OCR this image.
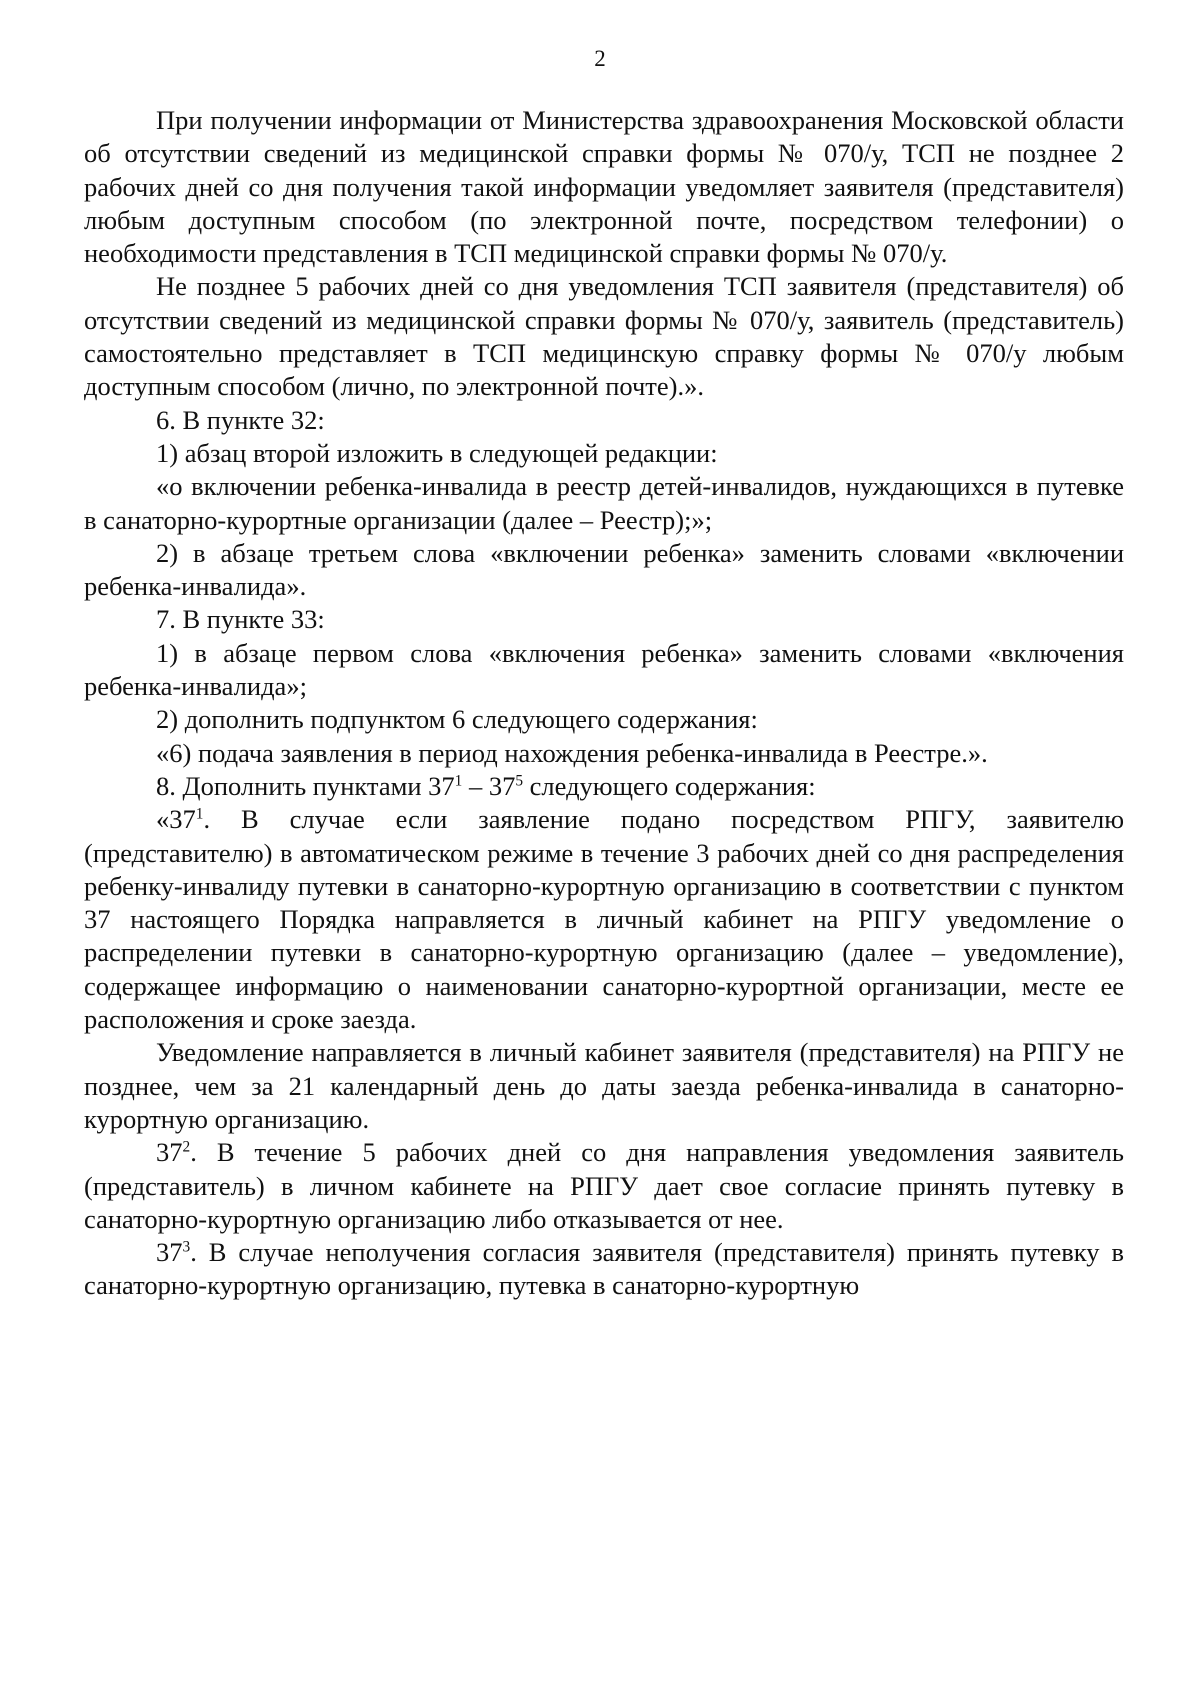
2

При получении информации от Министерства здравоохранения Московской области об отсутствии сведений из медицинской справки формы № 070/у, ТСП не позднее 2 рабочих дней со дня получения такой информации уведомляет заявителя (представителя) любым доступным способом (по электронной почте, посредством телефонии) о необходимости представления в ТСП медицинской справки формы № 070/у.

Не позднее 5 рабочих дней со дня уведомления ТСП заявителя (представителя) об отсутствии сведений из медицинской справки формы № 070/у, заявитель (представитель) самостоятельно представляет в ТСП медицинскую справку формы № 070/у любым доступным способом (лично, по электронной почте).».

6. В пункте 32:

1) абзац второй изложить в следующей редакции:

«о включении ребенка-инвалида в реестр детей-инвалидов, нуждающихся в путевке в санаторно-курортные организации (далее – Реестр);»;

2) в абзаце третьем слова «включении ребенка» заменить словами «включении ребенка-инвалида».

7. В пункте 33:

1) в абзаце первом слова «включения ребенка» заменить словами «включения ребенка-инвалида»;

2) дополнить подпунктом 6 следующего содержания:

«6) подача заявления в период нахождения ребенка-инвалида в Реестре.».

8. Дополнить пунктами $37^1 - 37^5$ следующего содержания:

«$37^1$. В случае если заявление подано посредством РПГУ, заявителю (представителю) в автоматическом режиме в течение 3 рабочих дней со дня распределения ребенку-инвалиду путевки в санаторно-курортную организацию в соответствии с пунктом 37 настоящего Порядка направляется в личный кабинет на РПГУ уведомление о распределении путевки в санаторно-курортную организацию (далее – уведомление), содержащее информацию о наименовании санаторно-курортной организации, месте ее расположения и сроке заезда.

Уведомление направляется в личный кабинет заявителя (представителя) на РПГУ не позднее, чем за 21 календарный день до даты заезда ребенка-инвалида в санаторно-курортную организацию.

$37^2$. В течение 5 рабочих дней со дня направления уведомления заявитель (представитель) в личном кабинете на РПГУ дает свое согласие принять путевку в санаторно-курортную организацию либо отказывается от нее.

$37^3$. В случае неполучения согласия заявителя (представителя) принять путевку в санаторно-курортную организацию, путевка в санаторно-курортную
